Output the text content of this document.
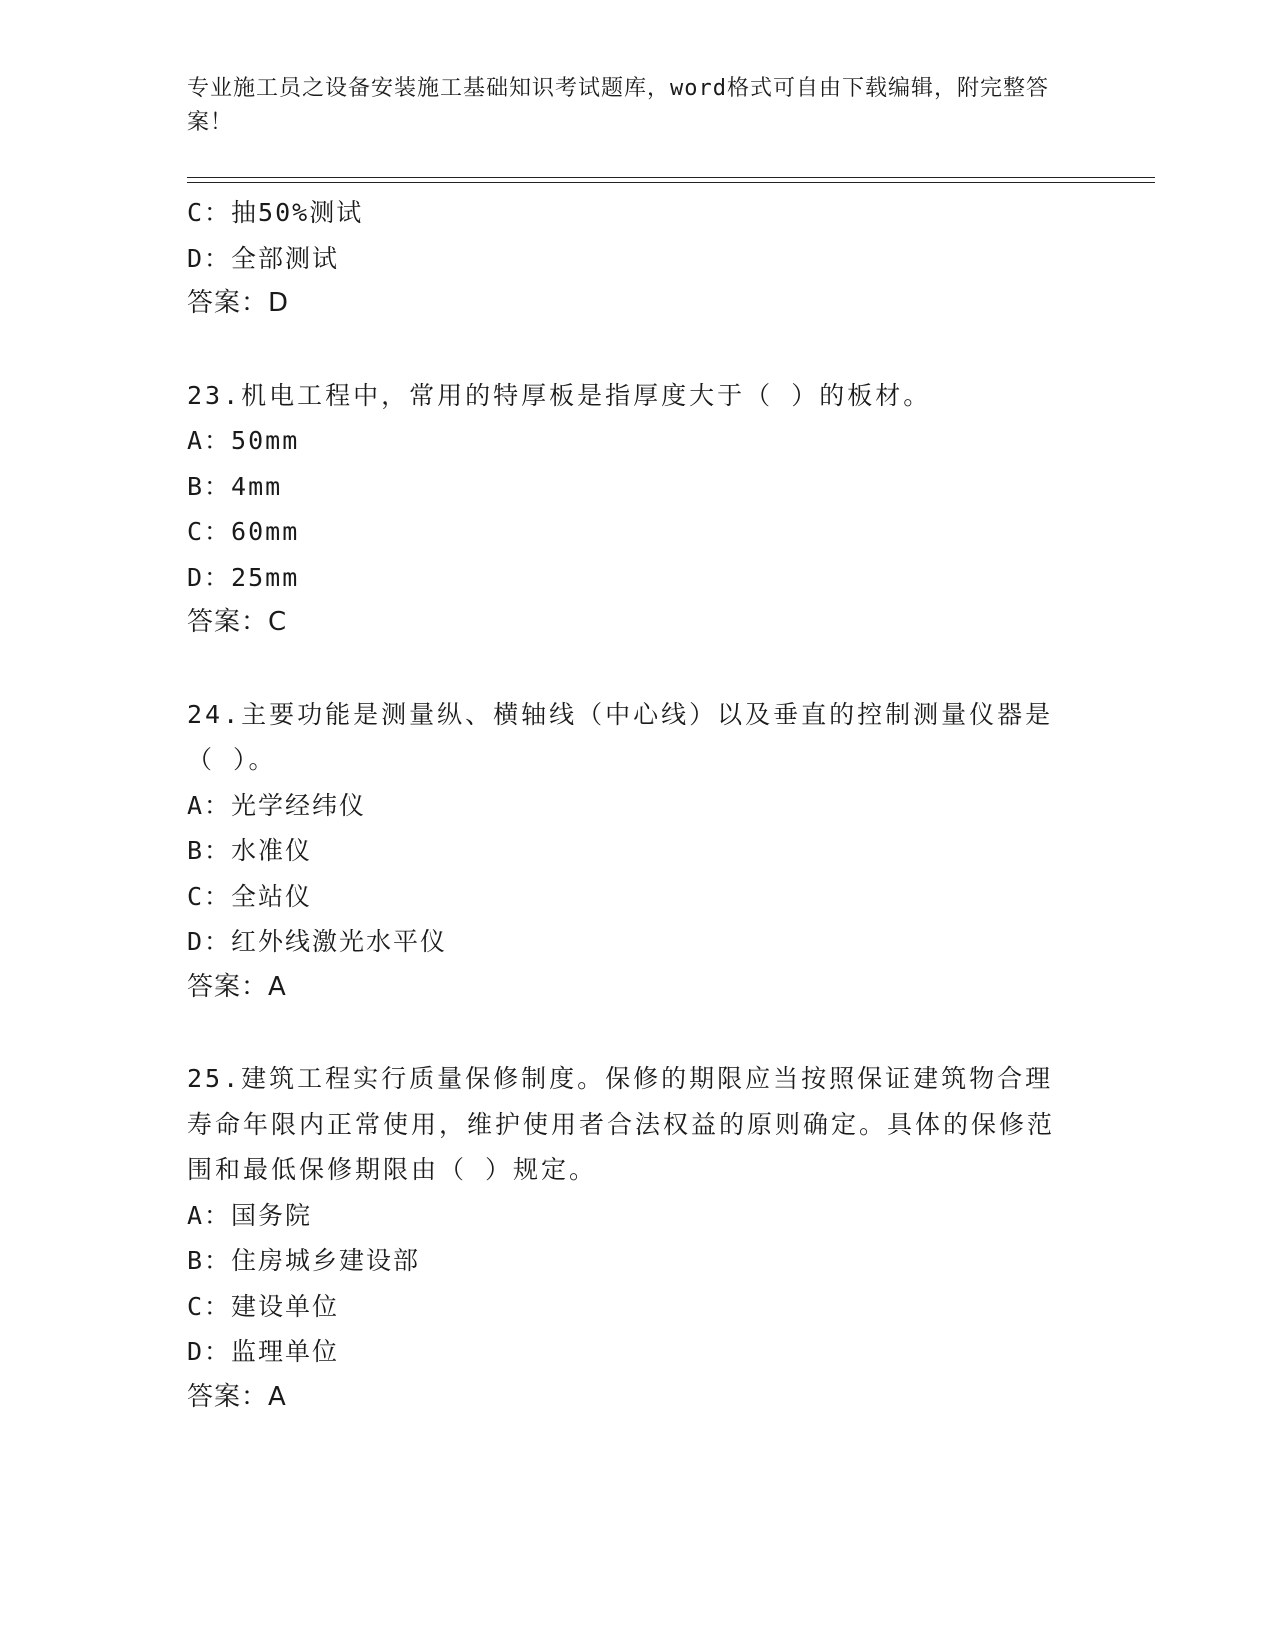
专业施工员之设备安装施工基础知识考试题库，word格式可自由下载编辑，附完整答案！
C：抽50%测试
D：全部测试
答案：D
23.机电工程中，常用的特厚板是指厚度大于（ ）的板材。
A：50mm
B：4mm
C：60mm
D：25mm
答案：C
24.主要功能是测量纵、横轴线（中心线）以及垂直的控制测量仪器是（ ）。
A：光学经纬仪
B：水准仪
C：全站仪
D：红外线激光水平仪
答案：A
25.建筑工程实行质量保修制度。保修的期限应当按照保证建筑物合理寿命年限内正常使用，维护使用者合法权益的原则确定。具体的保修范围和最低保修期限由（ ）规定。
A：国务院
B：住房城乡建设部
C：建设单位
D：监理单位
答案：A
